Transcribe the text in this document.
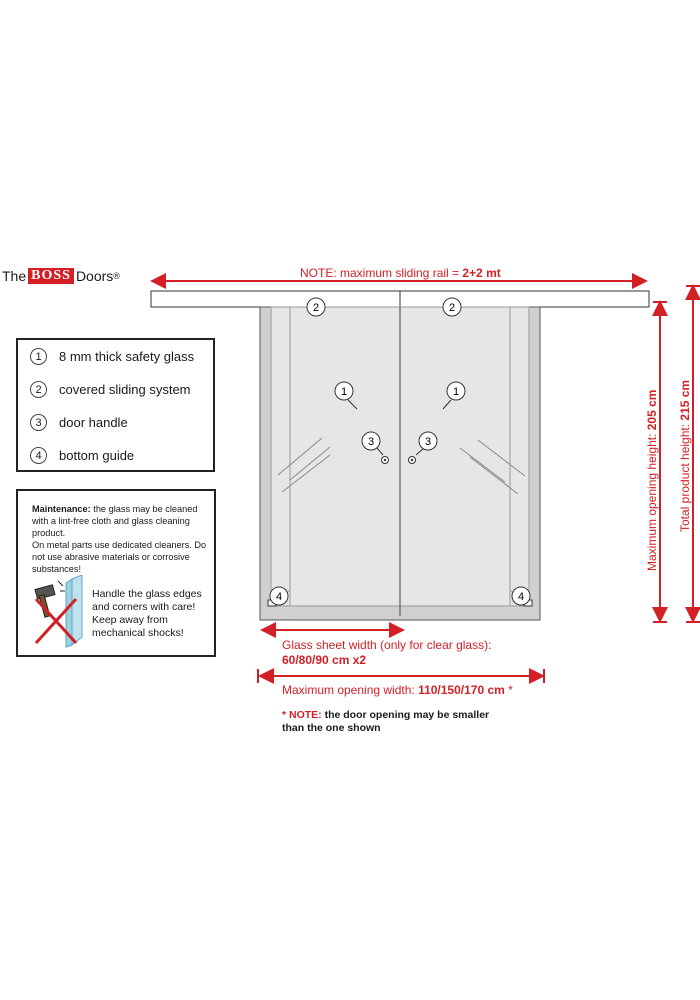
The BOSS Doors ®
1	8 mm thick safety glass
2	covered sliding system
3	door handle
4	bottom guide
Maintenance: the glass may be cleaned with a lint-free cloth and glass cleaning product.
On metal parts use dedicated cleaners. Do not use abrasive materials or corrosive substances!
Handle the glass edges
and corners with care!
Keep away from
mechanical shocks!
2	2
1	1
3	3
4	4
NOTE: maximum sliding rail = 2+2 mt
Maximum opening height: 205 cm
Total product height: 215 cm
Glass sheet width (only for clear glass):
60/80/90 cm x2
Maximum opening width: 110/150/170 cm *
* NOTE: the door opening may be smaller
than the one shown
